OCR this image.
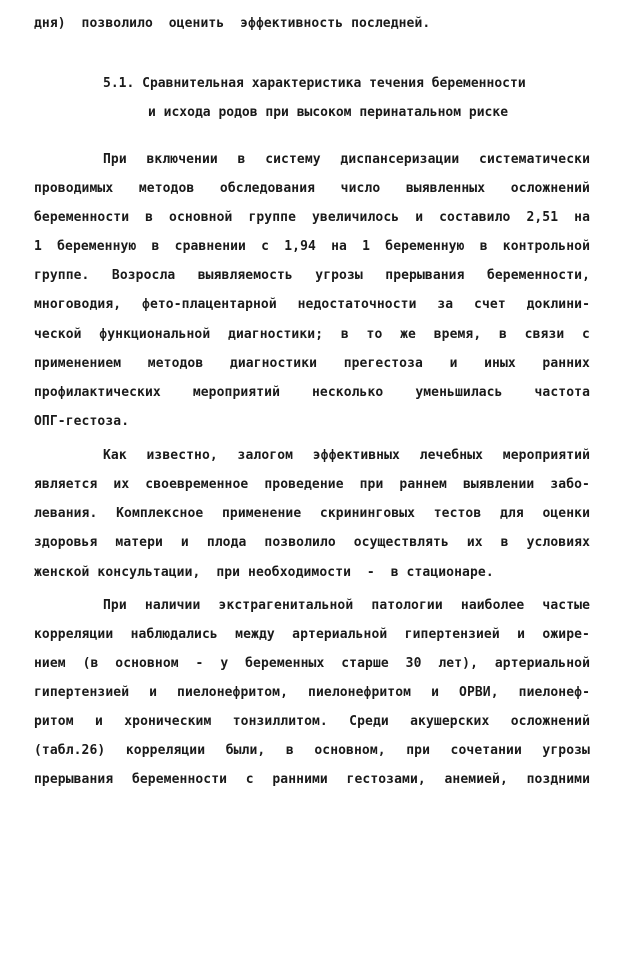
дня)  позволило  оценить  эффективность последней.
5.1. Сравнительная характеристика течения беременности
и исхода родов при высоком перинатальном риске
При включении в систему диспансеризации систематически
проводимых методов обследования число выявленных осложнений
беременности в основной группе увеличилось и составило 2,51 на
1 беременную в сравнении с 1,94 на 1 беременную в контрольной
группе. Возросла выявляемость угрозы прерывания беременности,
многоводия, фето-плацентарной недостаточности за счет доклини-
ческой функциональной диагностики; в то же время, в связи с
применением методов диагностики прегестоза и иных ранних
профилактических мероприятий несколько уменьшилась частота
ОПГ-гестоза.
Как известно, залогом эффективных лечебных мероприятий
является их своевременное проведение при раннем выявлении забо-
левания. Комплексное применение скрининговых тестов для оценки
здоровья матери и плода позволило осуществлять их в условиях
женской консультации,  при необходимости  -  в стационаре.
При наличии экстрагенитальной патологии наиболее частые
корреляции наблюдались между артериальной гипертензией и ожире-
нием (в основном - у беременных старше 30 лет), артериальной
гипертензией и пиелонефритом, пиелонефритом и ОРВИ, пиелонеф-
ритом и хроническим тонзиллитом. Среди акушерских осложнений
(табл.26) корреляции были, в основном, при сочетании угрозы
прерывания беременности с ранними гестозами, анемией, поздними
